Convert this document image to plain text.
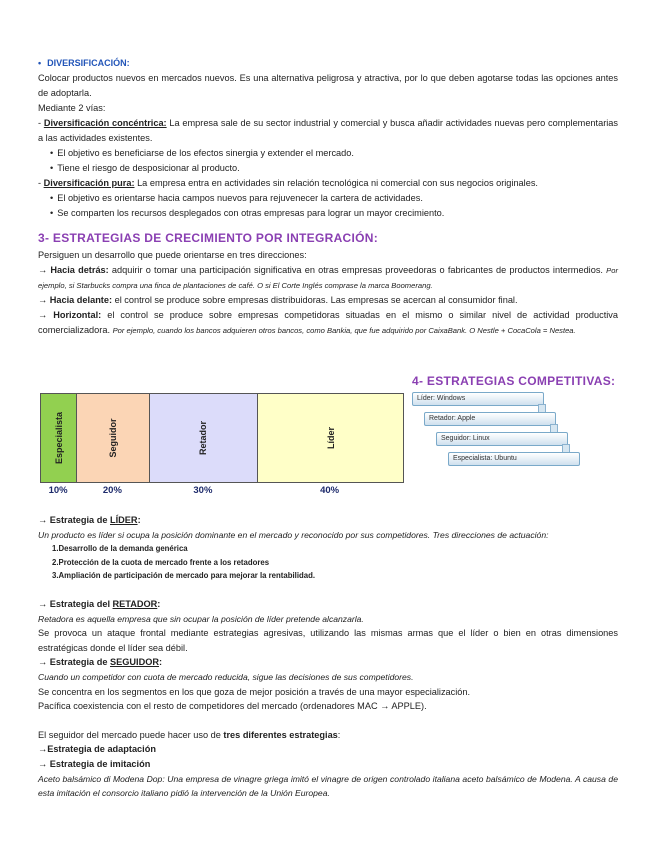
• DIVERSIFICACIÓN:
Colocar productos nuevos en mercados nuevos. Es una alternativa peligrosa y atractiva, por lo que deben agotarse todas las opciones antes de adoptarla.
Mediante 2 vías:
- Diversificación concéntrica: La empresa sale de su sector industrial y comercial y busca añadir actividades nuevas pero complementarias a las actividades existentes.
• El objetivo es beneficiarse de los efectos sinergia y extender el mercado.
• Tiene el riesgo de desposicionar al producto.
- Diversificación pura: La empresa entra en actividades sin relación tecnológica ni comercial con sus negocios originales.
• El objetivo es orientarse hacia campos nuevos para rejuvenecer la cartera de actividades.
• Se comparten los recursos desplegados con otras empresas para lograr un mayor crecimiento.
3- ESTRATEGIAS DE CRECIMIENTO POR INTEGRACIÓN:
Persiguen un desarrollo que puede orientarse en tres direcciones:
→ Hacia detrás: adquirir o tomar una participación significativa en otras empresas proveedoras o fabricantes de productos intermedios. Por ejemplo, si Starbucks compra una finca de plantaciones de café. O si El Corte Inglés comprase la marca Boomerang.
→ Hacia delante: el control se produce sobre empresas distribuidoras. Las empresas se acercan al consumidor final.
→ Horizontal: el control se produce sobre empresas competidoras situadas en el mismo o similar nivel de actividad productiva comercializadora. Por ejemplo, cuando los bancos adquieren otros bancos, como Bankia, que fue adquirido por CaixaBank. O Nestle + CocaCola = Nestea.
4- ESTRATEGIAS COMPETITIVAS:
Especialista	Seguidor	Retador	Líder
10%	20%	30%	40%
Líder: Windows
Retador: Apple
Seguidor: Linux
Especialista: Ubuntu
→ Estrategia de LÍDER:
Un producto es líder si ocupa la posición dominante en el mercado y reconocido por sus competidores. Tres direcciones de actuación:
1.Desarrollo de la demanda genérica
2.Protección de la cuota de mercado frente a los retadores
3.Ampliación de participación de mercado para mejorar la rentabilidad.
→ Estrategia del RETADOR:
Retadora es aquella empresa que sin ocupar la posición de líder pretende alcanzarla.
Se provoca un ataque frontal mediante estrategias agresivas, utilizando las mismas armas que el líder o bien en otras dimensiones estratégicas donde el líder sea débil.
→ Estrategia de SEGUIDOR:
Cuando un competidor con cuota de mercado reducida, sigue las decisiones de sus competidores.
Se concentra en los segmentos en los que goza de mejor posición a través de una mayor especialización.
Pacífica coexistencia con el resto de competidores del mercado (ordenadores MAC → APPLE).
El seguidor del mercado puede hacer uso de tres diferentes estrategias:
→Estrategia de adaptación
→ Estrategia de imitación
Aceto balsámico di Modena Dop: Una empresa de vinagre griega imitó el vinagre de origen controlado italiana aceto balsámico de Modena. A causa de esta imitación el consorcio italiano pidió la intervención de la Unión Europea.
